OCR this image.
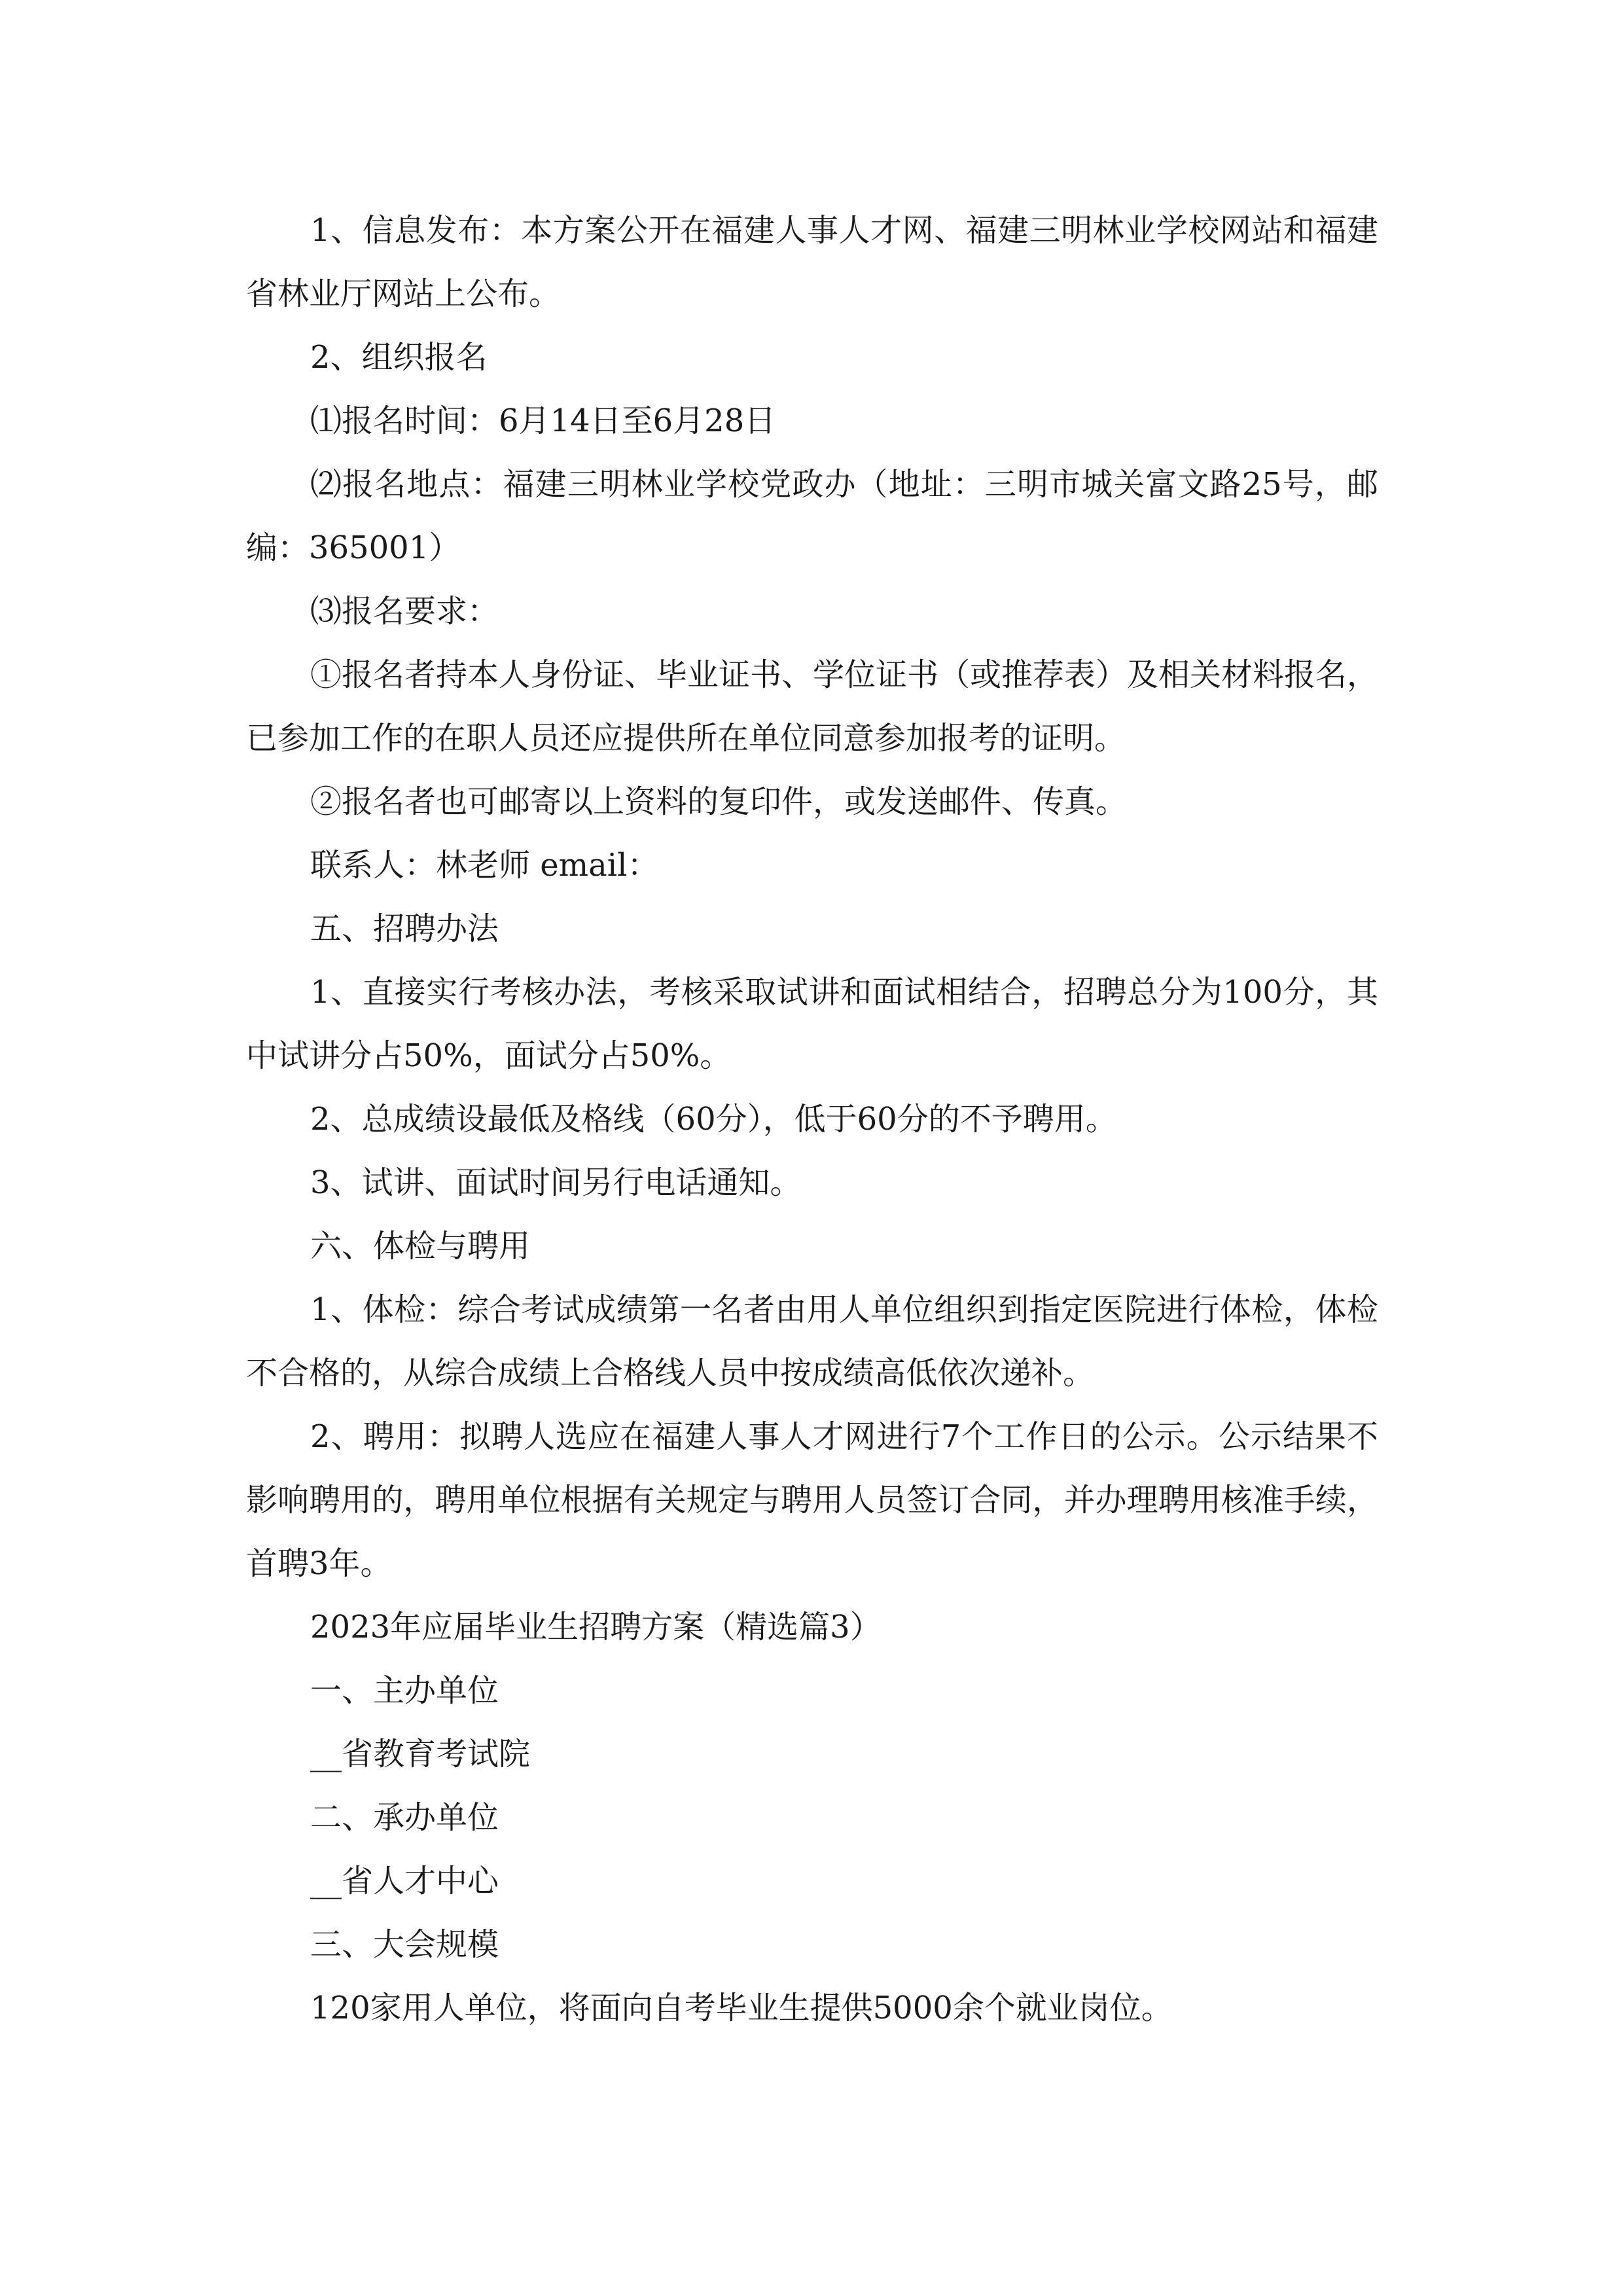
1、信息发布：本方案公开在福建人事人才网、福建三明林业学校网站和福建省林业厅网站上公布。

2、组织报名

⑴报名时间：6月14日至6月28日

⑵报名地点：福建三明林业学校党政办（地址：三明市城关富文路25号，邮编：365001）

⑶报名要求：

①报名者持本人身份证、毕业证书、学位证书（或推荐表）及相关材料报名，已参加工作的在职人员还应提供所在单位同意参加报考的证明。

②报名者也可邮寄以上资料的复印件，或发送邮件、传真。

联系人：林老师 email：

五、招聘办法

1、直接实行考核办法，考核采取试讲和面试相结合，招聘总分为100分，其中试讲分占50%，面试分占50%。

2、总成绩设最低及格线（60分），低于60分的不予聘用。

3、试讲、面试时间另行电话通知。

六、体检与聘用

1、体检：综合考试成绩第一名者由用人单位组织到指定医院进行体检，体检不合格的，从综合成绩上合格线人员中按成绩高低依次递补。

2、聘用：拟聘人选应在福建人事人才网进行7个工作日的公示。公示结果不影响聘用的，聘用单位根据有关规定与聘用人员签订合同，并办理聘用核准手续，首聘3年。

2023年应届毕业生招聘方案（精选篇3）

一、主办单位

__省教育考试院

二、承办单位

__省人才中心

三、大会规模

120家用人单位，将面向自考毕业生提供5000余个就业岗位。
